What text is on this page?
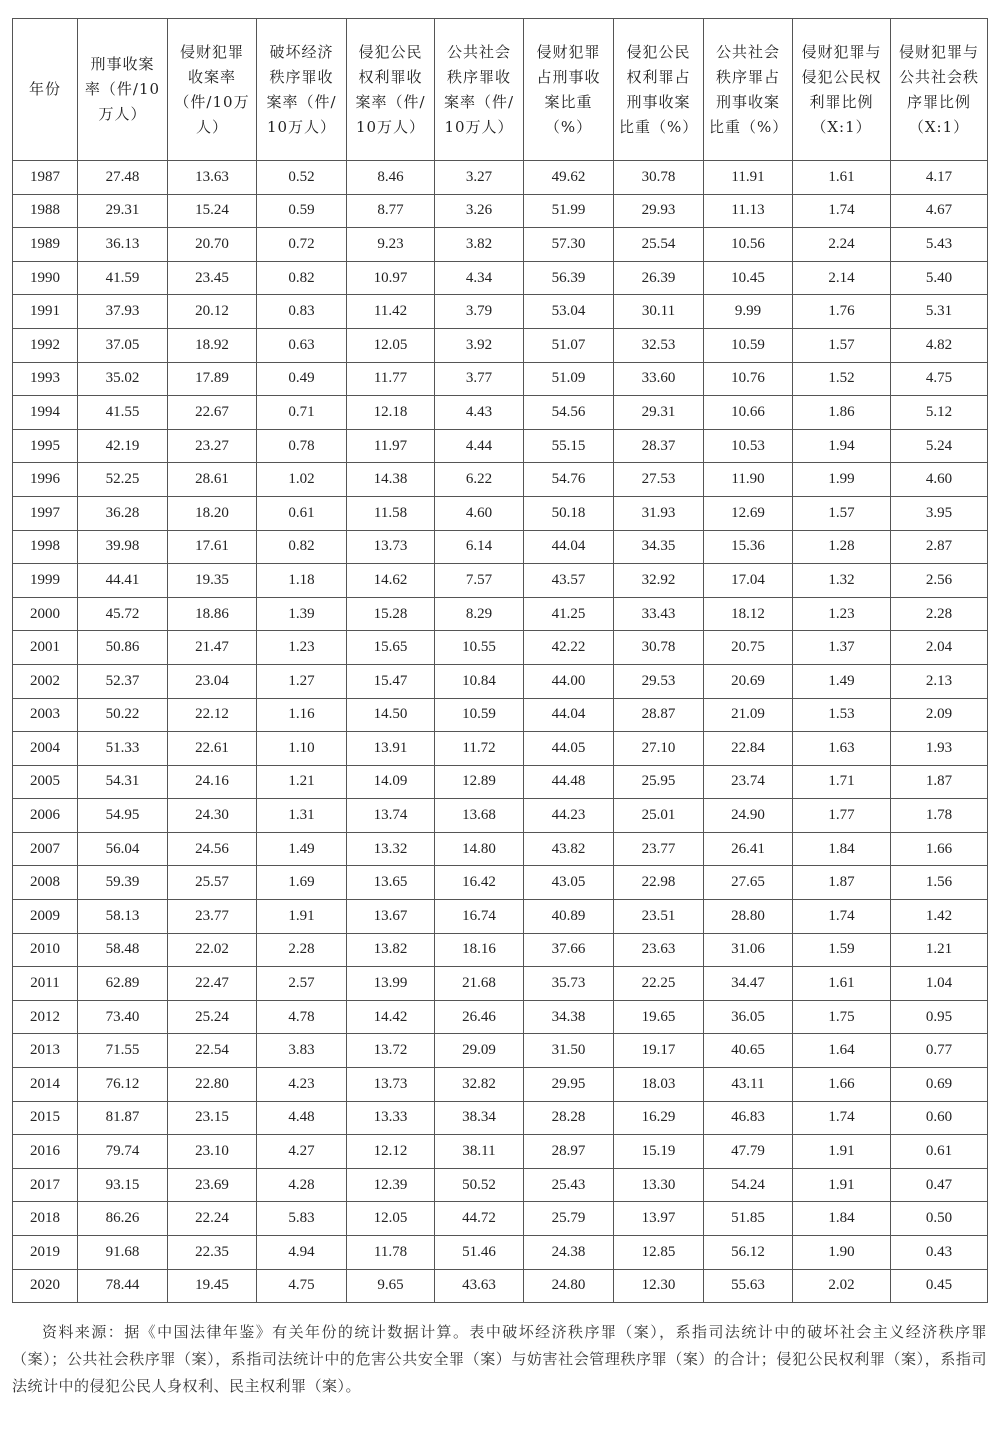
年份	刑事收案率（件/10万人）	侵财犯罪收案率（件/10万人）	破坏经济秩序罪收案率（件/10万人）	侵犯公民权利罪收案率（件/10万人）	公共社会秩序罪收案率（件/10万人）	侵财犯罪占刑事收案比重（%）	侵犯公民权利罪占刑事收案比重（%）	公共社会秩序罪占刑事收案比重（%）	侵财犯罪与侵犯公民权利罪比例（X:1）	侵财犯罪与公共社会秩序罪比例（X:1）
1987	27.48	13.63	0.52	8.46	3.27	49.62	30.78	11.91	1.61	4.17
1988	29.31	15.24	0.59	8.77	3.26	51.99	29.93	11.13	1.74	4.67
1989	36.13	20.70	0.72	9.23	3.82	57.30	25.54	10.56	2.24	5.43
1990	41.59	23.45	0.82	10.97	4.34	56.39	26.39	10.45	2.14	5.40
1991	37.93	20.12	0.83	11.42	3.79	53.04	30.11	9.99	1.76	5.31
1992	37.05	18.92	0.63	12.05	3.92	51.07	32.53	10.59	1.57	4.82
1993	35.02	17.89	0.49	11.77	3.77	51.09	33.60	10.76	1.52	4.75
1994	41.55	22.67	0.71	12.18	4.43	54.56	29.31	10.66	1.86	5.12
1995	42.19	23.27	0.78	11.97	4.44	55.15	28.37	10.53	1.94	5.24
1996	52.25	28.61	1.02	14.38	6.22	54.76	27.53	11.90	1.99	4.60
1997	36.28	18.20	0.61	11.58	4.60	50.18	31.93	12.69	1.57	3.95
1998	39.98	17.61	0.82	13.73	6.14	44.04	34.35	15.36	1.28	2.87
1999	44.41	19.35	1.18	14.62	7.57	43.57	32.92	17.04	1.32	2.56
2000	45.72	18.86	1.39	15.28	8.29	41.25	33.43	18.12	1.23	2.28
2001	50.86	21.47	1.23	15.65	10.55	42.22	30.78	20.75	1.37	2.04
2002	52.37	23.04	1.27	15.47	10.84	44.00	29.53	20.69	1.49	2.13
2003	50.22	22.12	1.16	14.50	10.59	44.04	28.87	21.09	1.53	2.09
2004	51.33	22.61	1.10	13.91	11.72	44.05	27.10	22.84	1.63	1.93
2005	54.31	24.16	1.21	14.09	12.89	44.48	25.95	23.74	1.71	1.87
2006	54.95	24.30	1.31	13.74	13.68	44.23	25.01	24.90	1.77	1.78
2007	56.04	24.56	1.49	13.32	14.80	43.82	23.77	26.41	1.84	1.66
2008	59.39	25.57	1.69	13.65	16.42	43.05	22.98	27.65	1.87	1.56
2009	58.13	23.77	1.91	13.67	16.74	40.89	23.51	28.80	1.74	1.42
2010	58.48	22.02	2.28	13.82	18.16	37.66	23.63	31.06	1.59	1.21
2011	62.89	22.47	2.57	13.99	21.68	35.73	22.25	34.47	1.61	1.04
2012	73.40	25.24	4.78	14.42	26.46	34.38	19.65	36.05	1.75	0.95
2013	71.55	22.54	3.83	13.72	29.09	31.50	19.17	40.65	1.64	0.77
2014	76.12	22.80	4.23	13.73	32.82	29.95	18.03	43.11	1.66	0.69
2015	81.87	23.15	4.48	13.33	38.34	28.28	16.29	46.83	1.74	0.60
2016	79.74	23.10	4.27	12.12	38.11	28.97	15.19	47.79	1.91	0.61
2017	93.15	23.69	4.28	12.39	50.52	25.43	13.30	54.24	1.91	0.47
2018	86.26	22.24	5.83	12.05	44.72	25.79	13.97	51.85	1.84	0.50
2019	91.68	22.35	4.94	11.78	51.46	24.38	12.85	56.12	1.90	0.43
2020	78.44	19.45	4.75	9.65	43.63	24.80	12.30	55.63	2.02	0.45
资料来源：据《中国法律年鉴》有关年份的统计数据计算。表中破坏经济秩序罪（案），系指司法统计中的破坏社会主义经济秩序罪（案）；公共社会秩序罪（案），系指司法统计中的危害公共安全罪（案）与妨害社会管理秩序罪（案）的合计；侵犯公民权利罪（案），系指司法统计中的侵犯公民人身权利、民主权利罪（案）。
